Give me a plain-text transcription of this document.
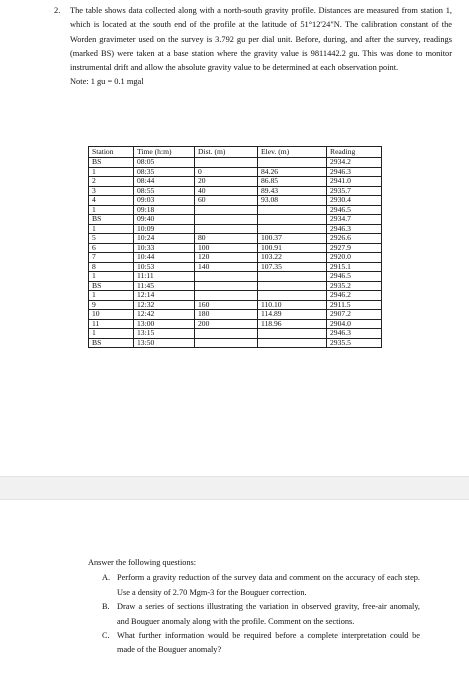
2. The table shows data collected along with a north-south gravity profile. Distances are measured from station 1, which is located at the south end of the profile at the latitude of 51°12'24"N. The calibration constant of the Worden gravimeter used on the survey is 3.792 gu per dial unit. Before, during, and after the survey, readings (marked BS) were taken at a base station where the gravity value is 9811442.2 gu. This was done to monitor instrumental drift and allow the absolute gravity value to be determined at each observation point.
Note: 1 gu = 0.1 mgal
Station	Time (h:m)	Dist. (m)	Elev. (m)	Reading
BS	08:05			2934.2
1	08:35	0	84.26	2946.3
2	08:44	20	86.85	2941.0
3	08:55	40	89.43	2935.7
4	09:03	60	93.08	2930.4
1	09:18			2946.5
BS	09:40			2934.7
1	10:09			2946.3
5	10:24	80	100.37	2926.6
6	10:33	100	100.91	2927.9
7	10:44	120	103.22	2920.0
8	10:53	140	107.35	2915.1
1	11:11			2946.5
BS	11:45			2935.2
1	12:14			2946.2
9	12:32	160	110.10	2911.5
10	12:42	180	114.89	2907.2
11	13:00	200	118.96	2904.0
1	13:15			2946.3
BS	13:50			2935.5
Answer the following questions:
A. Perform a gravity reduction of the survey data and comment on the accuracy of each step. Use a density of 2.70 Mgm-3 for the Bouguer correction.
B. Draw a series of sections illustrating the variation in observed gravity, free-air anomaly, and Bouguer anomaly along with the profile. Comment on the sections.
C. What further information would be required before a complete interpretation could be made of the Bouguer anomaly?
